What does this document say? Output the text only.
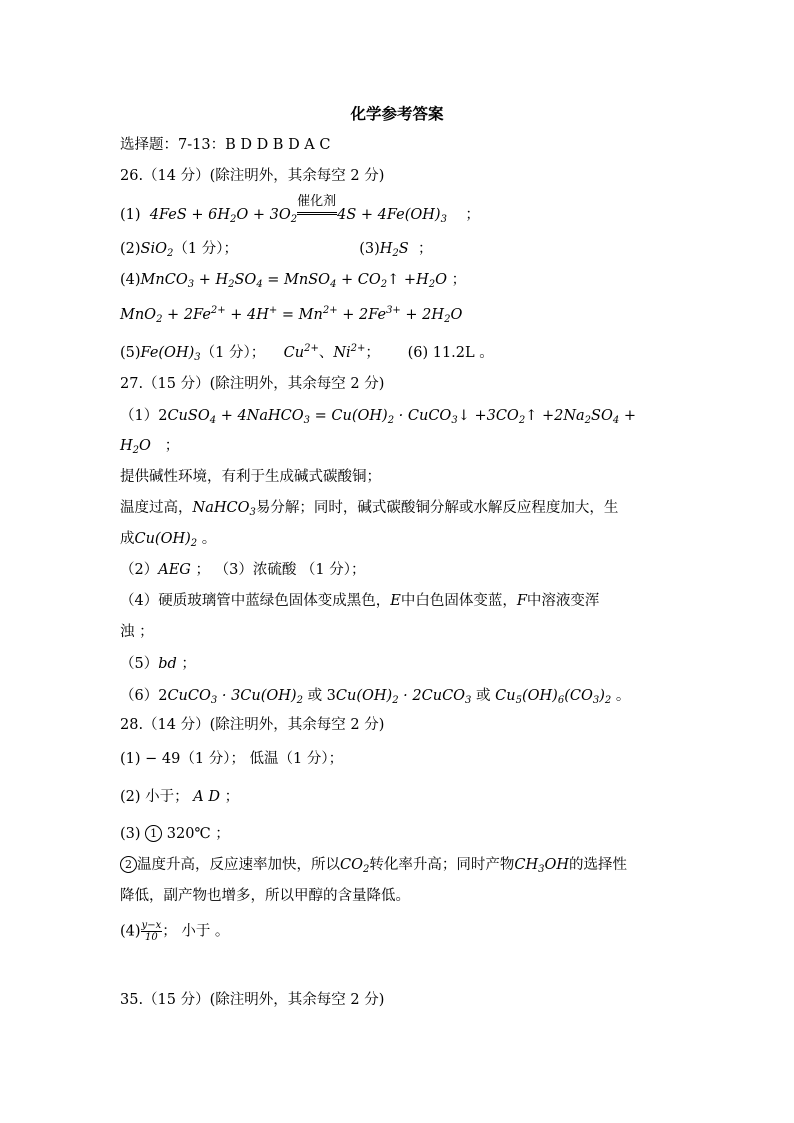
化学参考答案
选择题：7-13：B D D B D A C
26.（14 分）(除注明外，其余每空 2 分)
(1) $4FeS + 6H_2O + 3O_2$
催化剂
$4S + 4Fe(OH)_3$ ；
(2)SiO$_2$（1 分）；	$(3)H_2S$ ；
(4)MnCO$_3$ + $H_2SO_4$ = MnSO$_4$ + $CO_2↑ +H_2O$ ；
$MnO_2 + 2Fe^{2+} + 4H^+ = Mn^{2+} + 2Fe^{3+} + 2H_2O$
$(5)Fe(OH)_3(1$ 分）； $Cu^{2+}$、$Ni^{2+}$； (6) 11.2L 。
27.（15 分）(除注明外，其余每空 2 分)
（1）2CuSO$_4$ + 4NaHCO$_3$ = $Cu(OH)_2$ · CuCO$_3$↓ $+3CO_2↑ +2Na_2SO_4$ +
$H_2O$ ；
提供碱性环境，有利于生成碱式碳酸铜；
温度过高，NaHCO$_3$易分解；同时，碱式碳酸铜分解或水解反应程度加大，生
成$Cu(OH)_2$ 。
（2）AEG ； （3）浓硫酸 （1 分）；
（4）硬质玻璃管中蓝绿色固体变成黑色，E中白色固体变蓝，F中溶液变浑
浊 ；
（5）bd ；
（6）2CuCO$_3$ · $3Cu(OH)_2$ 或 $3Cu(OH)_2$ · 2CuCO$_3$ 或 $Cu_5(OH)_6(CO_3)_2$ 。
28.（14 分）(除注明外，其余每空 2 分)
(1) − 49（1 分）； 低温（1 分）；
(2) 小于； A D ；
(3) 1 320℃ ；
2 温度升高，反应速率加快，所以$CO_2$转化率升高；同时产物$CH_3OH$的选择性
降低，副产物也增多，所以甲醇的含量降低。
$(4) \frac{y-x}{10}$ ； 小于 。
35.（15 分）(除注明外，其余每空 2 分)
